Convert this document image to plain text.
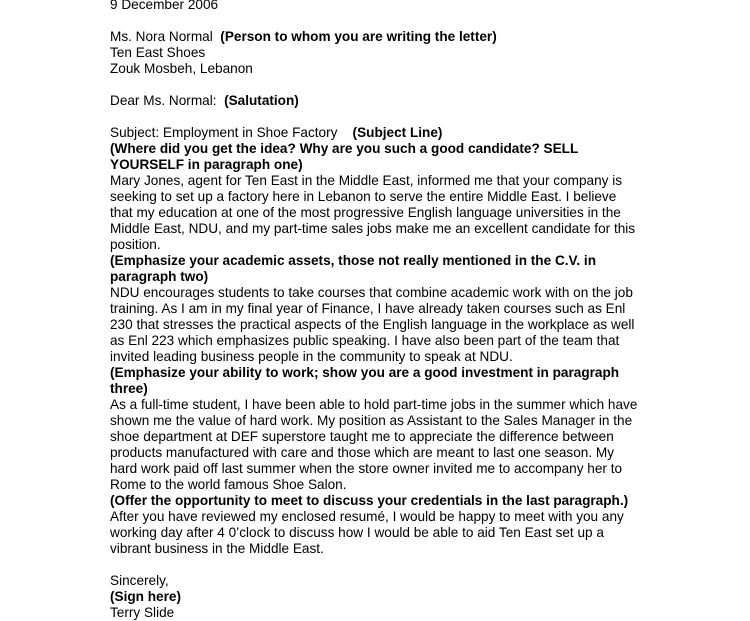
9 December 2006

Ms. Nora Normal (Person to whom you are writing the letter)

Ten East Shoes

Zouk Mosbeh, Lebanon

Dear Ms. Normal: (Salutation)

Subject: Employment in Shoe Factory (Subject Line)

(Where did you get the idea? Why are you such a good candidate? SELL

YOURSELF in paragraph one)

Mary Jones, agent for Ten East in the Middle East, informed me that your company is

seeking to set up a factory here in Lebanon to serve the entire Middle East. I believe

that my education at one of the most progressive English language universities in the

Middle East, NDU, and my part-time sales jobs make me an excellent candidate for this

position.

(Emphasize your academic assets, those not really mentioned in the C.V. in

paragraph two)

NDU encourages students to take courses that combine academic work with on the job

training. As I am in my final year of Finance, I have already taken courses such as Enl

230 that stresses the practical aspects of the English language in the workplace as well

as Enl 223 which emphasizes public speaking. I have also been part of the team that

invited leading business people in the community to speak at NDU.

(Emphasize your ability to work; show you are a good investment in paragraph

three)

As a full-time student, I have been able to hold part-time jobs in the summer which have

shown me the value of hard work. My position as Assistant to the Sales Manager in the

shoe department at DEF superstore taught me to appreciate the difference between

products manufactured with care and those which are meant to last one season. My

hard work paid off last summer when the store owner invited me to accompany her to

Rome to the world famous Shoe Salon.

(Offer the opportunity to meet to discuss your credentials in the last paragraph.)

After you have reviewed my enclosed resumé, I would be happy to meet with you any

working day after 4 0’clock to discuss how I would be able to aid Ten East set up a

vibrant business in the Middle East.

Sincerely,

(Sign here)

Terry Slide
